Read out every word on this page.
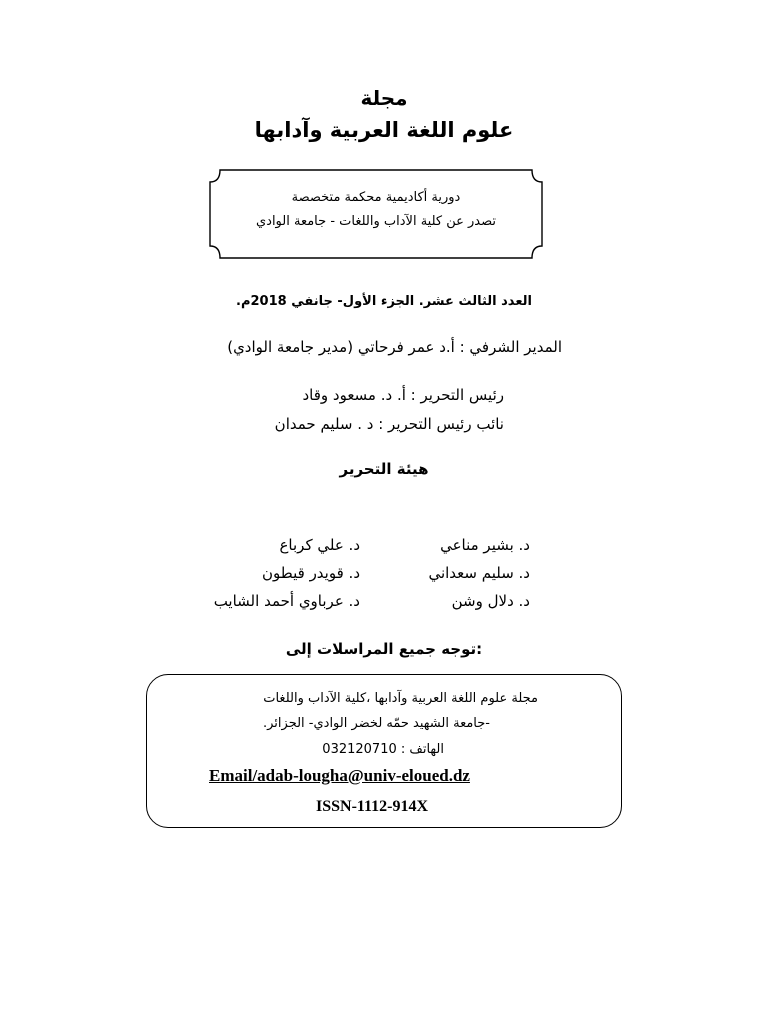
مجلة
علوم اللغة العربية وآدابها
دورية أكاديمية محكمة متخصصة
تصدر عن كلية الآداب واللغات - جامعة الوادي
العدد الثالث عشر. الجزء الأول- جانفي 2018م.
المدير الشرفي : أ.د عمر فرحاتي (مدير جامعة الوادي)
رئيس التحرير : أ. د. مسعود وقاد
نائب رئيس التحرير : د . سليم حمدان
هيئة التحرير
د. بشير مناعي
د. سليم سعداني
د. دلال وشن
د. علي كرباع
د. قويدر قيطون
د. عرباوي أحمد الشايب
توجه جميع المراسلات إلى:
مجلة علوم اللغة العربية وآدابها ،كلية الآداب واللغات
-جامعة الشهيد حمّه لخضر الوادي- الجزائر.
الهاتف : 032120710
Email/adab-lougha@univ-eloued.dz
ISSN-1112-914X
